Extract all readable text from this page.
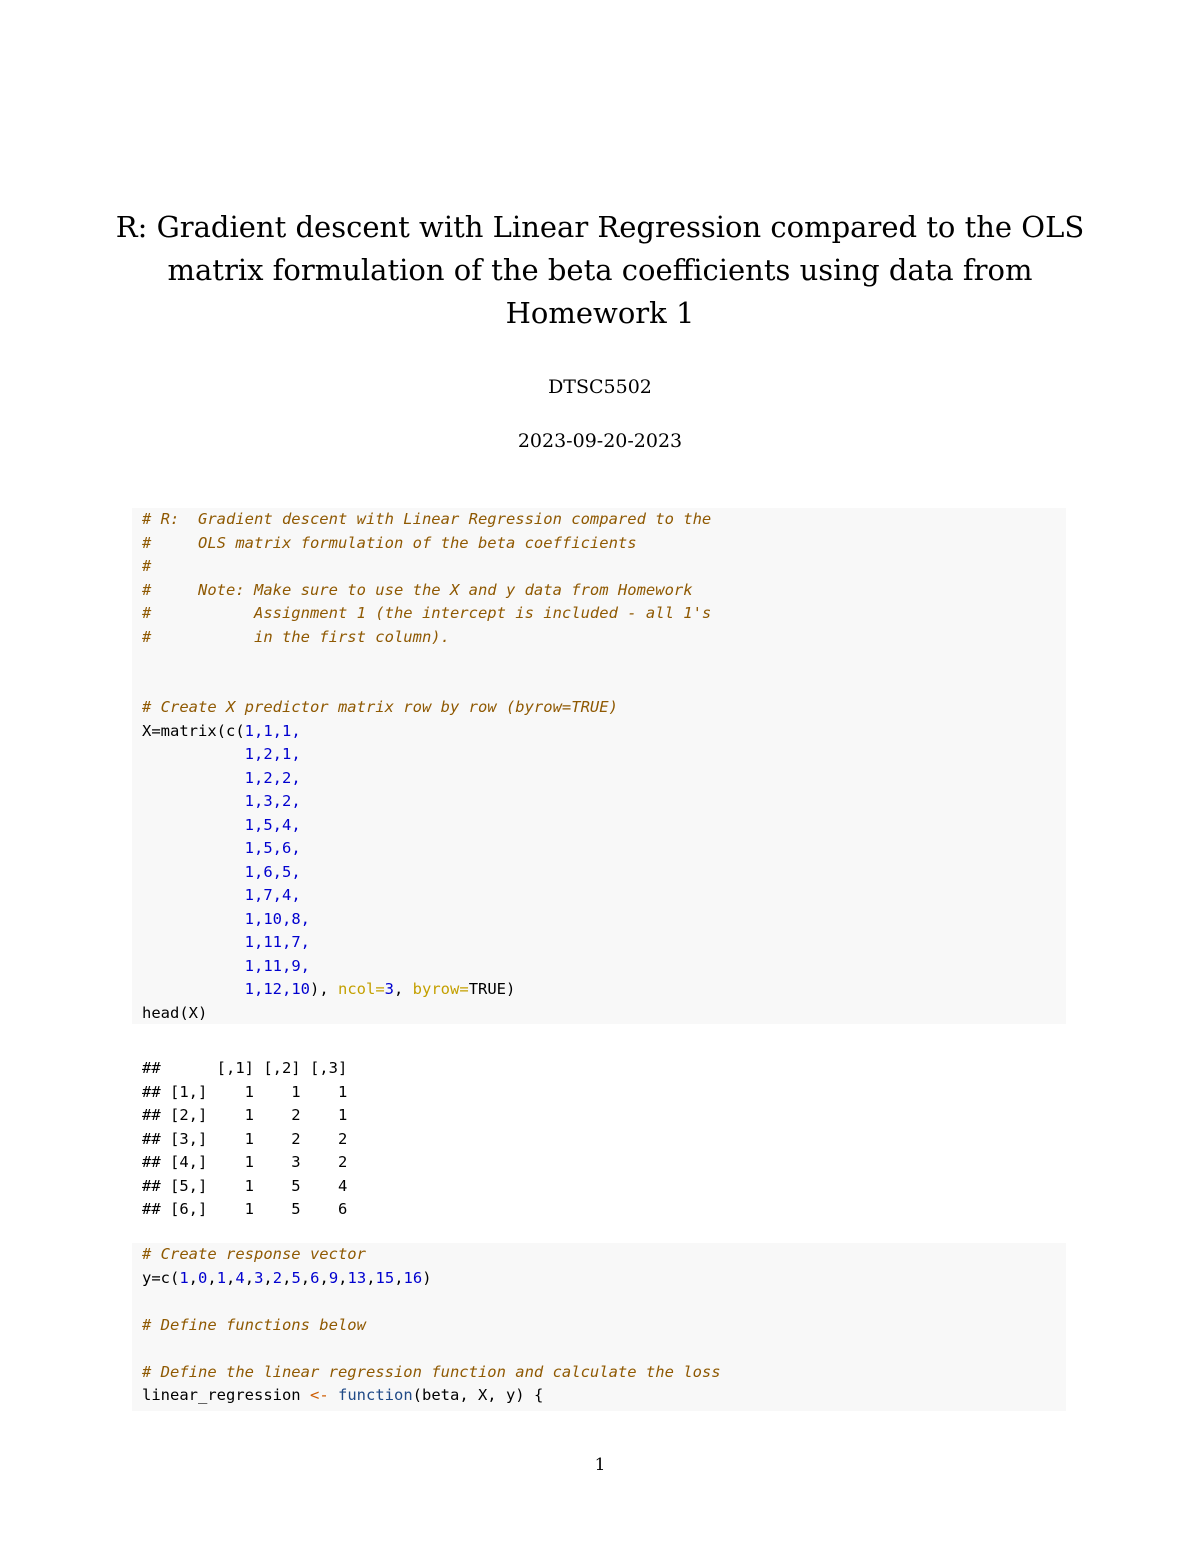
R: Gradient descent with Linear Regression compared to the OLS
matrix formulation of the beta coefficients using data from
Homework 1
DTSC5502
2023-09-20-2023
# R:  Gradient descent with Linear Regression compared to the
#     OLS matrix formulation of the beta coefficients
#
#     Note: Make sure to use the X and y data from Homework
#           Assignment 1 (the intercept is included - all 1's
#           in the first column).
# Create X predictor matrix row by row (byrow=TRUE)
X=matrix(c(1,1,1,
1,2,1,
1,2,2,
1,3,2,
1,5,4,
1,5,6,
1,6,5,
1,7,4,
1,10,8,
1,11,7,
1,11,9,
1,12,10), ncol=3, byrow=TRUE)
head(X)
##      [,1] [,2] [,3]
## [1,]    1    1    1
## [2,]    1    2    1
## [3,]    1    2    2
## [4,]    1    3    2
## [5,]    1    5    4
## [6,]    1    5    6
# Create response vector
y=c(1,0,1,4,3,2,5,6,9,13,15,16)
# Define functions below
# Define the linear regression function and calculate the loss
linear_regression <- function(beta, X, y) {
1
